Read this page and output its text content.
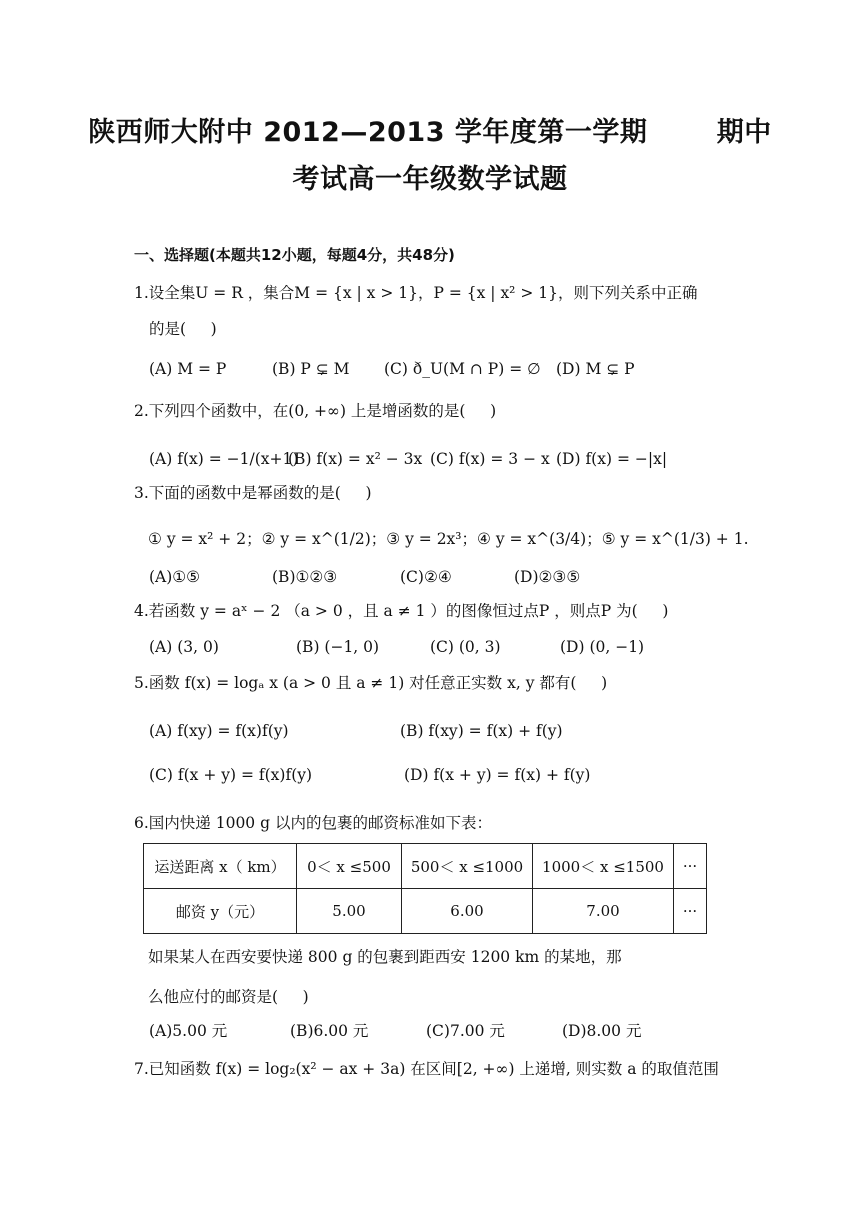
陕西师大附中 2012—2013 学年度第一学期       期中
考试高一年级数学试题
一、选择题(本题共12小题，每题4分，共48分)
1.设全集U = R ，集合M = {x | x > 1}，P = {x | x² > 1}，则下列关系中正确
的是(     )
(A) M = P	(B) P ⊊ M (C) ð_U(M ∩ P) = ∅ (D) M ⊊ P
2.下列四个函数中，在(0, +∞) 上是增函数的是(     )
(A) f(x) = −1/(x+1)
(B) f(x) = x² − 3x (C) f(x) = 3 − x (D) f(x) = −|x|
3.下面的函数中是幂函数的是(     )
① y = x² + 2；② y = x^(1/2)；③ y = 2x³；④ y = x^(3/4)；⑤ y = x^(1/3) + 1.
(A)①⑤	(B)①②③	(C)②④	(D)②③⑤
4.若函数 y = aˣ − 2 （a > 0 ，且 a ≠ 1 ）的图像恒过点P ，则点P 为(     )
(A) (3, 0)	(B) (−1, 0)	(C) (0, 3)	(D) (0, −1)
5.函数 f(x) = logₐ x (a > 0 且 a ≠ 1) 对任意正实数 x, y 都有(     )
(A) f(xy) = f(x)f(y)	(B) f(xy) = f(x) + f(y)
(C) f(x + y) = f(x)f(y)	(D) f(x + y) = f(x) + f(y)
6.国内快递 1000 g 以内的包裹的邮资标准如下表：
运送距离 x（ km）	0＜ x ≤500	500＜ x ≤1000	1000＜ x ≤1500	···
邮资 y（元）	5.00	6.00	7.00	···
如果某人在西安要快递 800 g 的包裹到距西安 1200 km 的某地，那
么他应付的邮资是(     )
(A)5.00 元	(B)6.00 元	(C)7.00 元	(D)8.00 元
7.已知函数 f(x) = log₂(x² − ax + 3a) 在区间[2, +∞) 上递增, 则实数 a 的取值范围
